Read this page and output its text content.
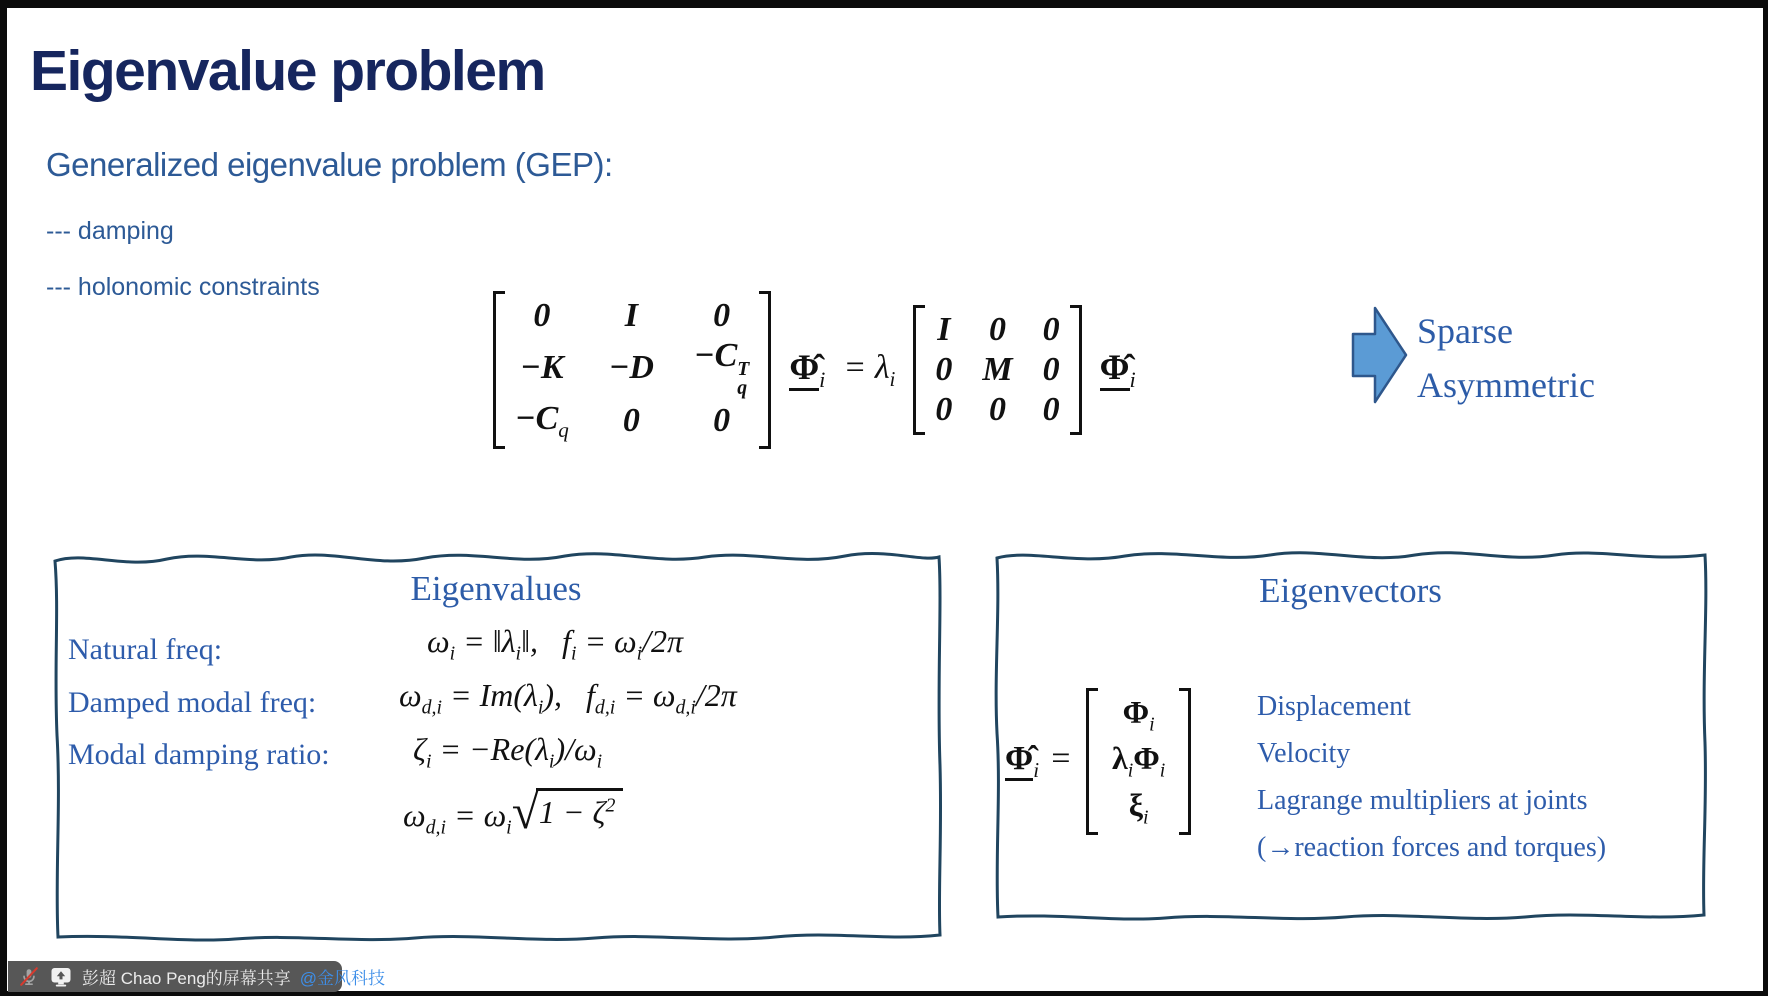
Eigenvalue problem
Generalized eigenvalue problem (GEP):
--- damping
--- holonomic constraints
0 I 0
−K −D −C T
q
$-C_q$ 0 0
$\Phî_i = \lambda_i$
I 0 0
0 M 0
0 0 0
$\Phî_i$
Sparse
Asymmetric
Eigenvalues
Natural freq:
Damped modal freq:
Modal damping ratio:
$\omega_i$ = $‖\lambda_i‖$,   $f_i = \omega_i/2\pi$
$\omega_{d,i} = Im(\lambda_i)$,   $f_{d,i} = \omega_{d,i}/2\pi$
$\zeta_i = -Re(\lambda_i)/\omega_i$
$\omega_{d,i} = \omega_i$ √ $1 - \zeta^2$
Eigenvectors
$\Phî_i$ =
$\Phi_i$
$\lambda_i\Phi_i$
$\xi_i$
Displacement
Velocity
Lagrange multipliers at joints
(→reaction forces and torques)
彭超 Chao Peng的屏幕共享 @金风科技
